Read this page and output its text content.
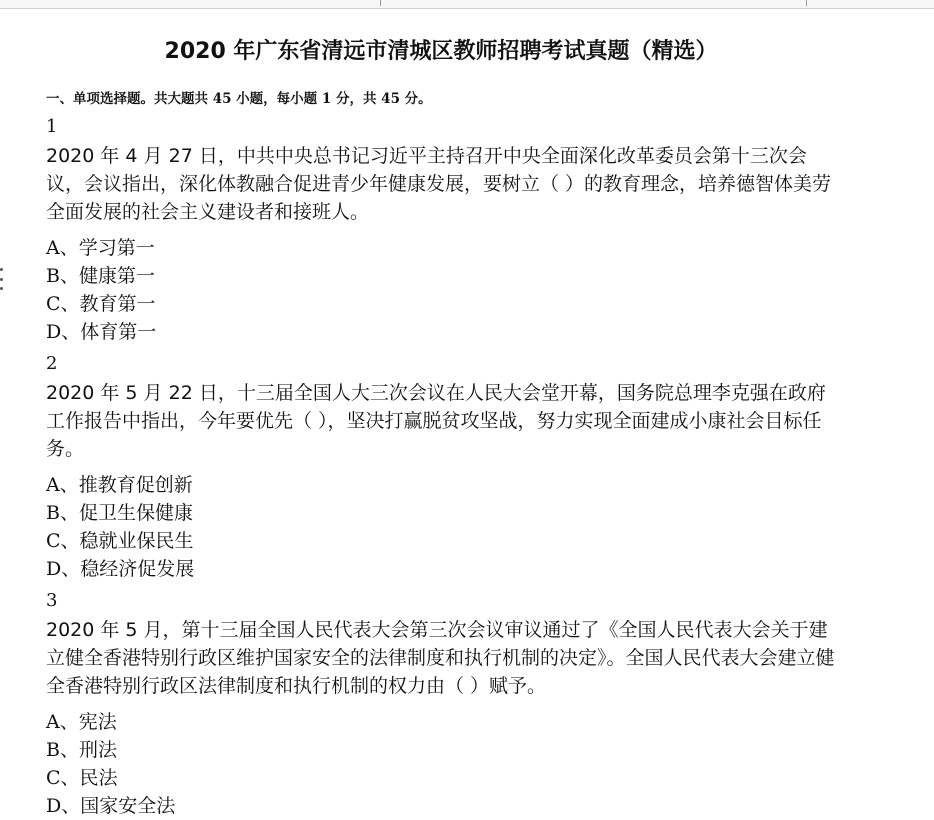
2020 年广东省清远市清城区教师招聘考试真题（精选）
一、单项选择题。共大题共 45 小题，每小题 1 分，共 45 分。
1
2020 年 4 月 27 日，中共中央总书记习近平主持召开中央全面深化改革委员会第十三次会议，会议指出，深化体教融合促进青少年健康发展，要树立（ ）的教育理念，培养德智体美劳全面发展的社会主义建设者和接班人。
A、学习第一
B、健康第一
C、教育第一
D、体育第一
2
2020 年 5 月 22 日，十三届全国人大三次会议在人民大会堂开幕，国务院总理李克强在政府工作报告中指出，今年要优先（ ），坚决打赢脱贫攻坚战，努力实现全面建成小康社会目标任务。
A、推教育促创新
B、促卫生保健康
C、稳就业保民生
D、稳经济促发展
3
2020 年 5 月，第十三届全国人民代表大会第三次会议审议通过了《全国人民代表大会关于建立健全香港特别行政区维护国家安全的法律制度和执行机制的决定》。全国人民代表大会建立健全香港特别行政区法律制度和执行机制的权力由（ ）赋予。
A、宪法
B、刑法
C、民法
D、国家安全法
